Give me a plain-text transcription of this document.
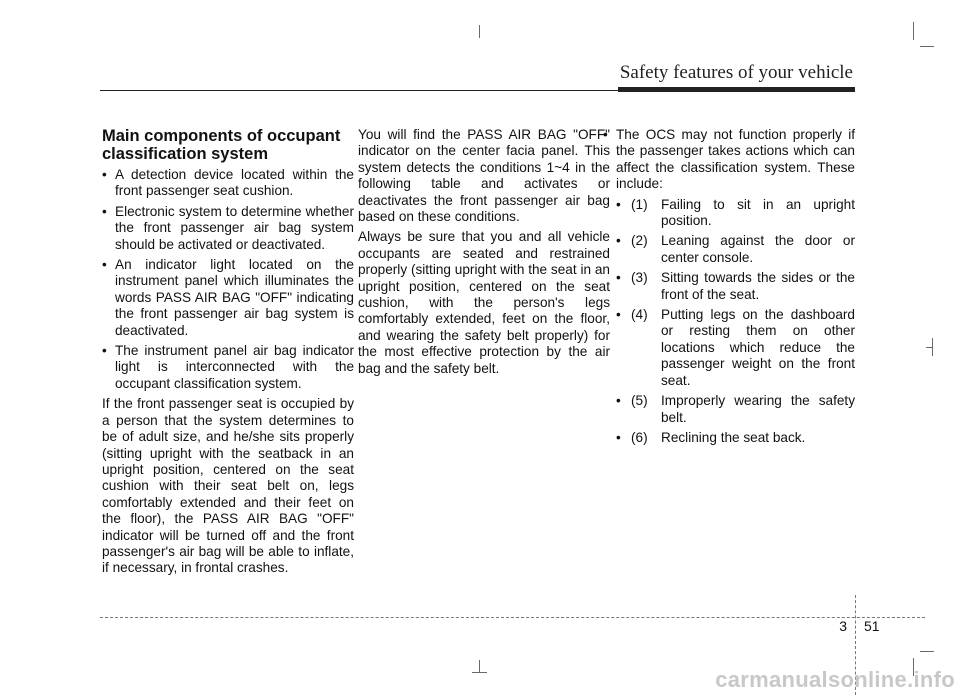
Safety features of your vehicle
Main components of occupant classification system
• A detection device located within the front passenger seat cushion.
• Electronic system to determine whether the front passenger air bag system should be activated or deactivated.
• An indicator light located on the instrument panel which illuminates the words PASS AIR BAG "OFF" indicating the front passenger air bag system is deactivated.
• The instrument panel air bag indicator light is interconnected with the occupant classification system.

If the front passenger seat is occupied by a person that the system determines to be of adult size, and he/she sits properly (sitting upright with the seatback in an upright position, centered on the seat cushion with their seat belt on, legs comfortably extended and their feet on the floor), the PASS AIR BAG "OFF" indicator will be turned off and the front passenger's air bag will be able to inflate, if necessary, in frontal crashes.

You will find the PASS AIR BAG "OFF" indicator on the center facia panel. This system detects the conditions 1~4 in the following table and activates or deactivates the front passenger air bag based on these conditions.

Always be sure that you and all vehicle occupants are seated and restrained properly (sitting upright with the seat in an upright position, centered on the seat cushion, with the person's legs comfortably extended, feet on the floor, and wearing the safety belt properly) for the most effective protection by the air bag and the safety belt.

• The OCS may not function properly if the passenger takes actions which can affect the classification system. These include:
• (1) Failing to sit in an upright position.
• (2) Leaning against the door or center console.
• (3) Sitting towards the sides or the front of the seat.
• (4) Putting legs on the dashboard or resting them on other locations which reduce the passenger weight on the front seat.
• (5) Improperly wearing the safety belt.
• (6) Reclining the seat back.
3 51
carmanualsonline.info
